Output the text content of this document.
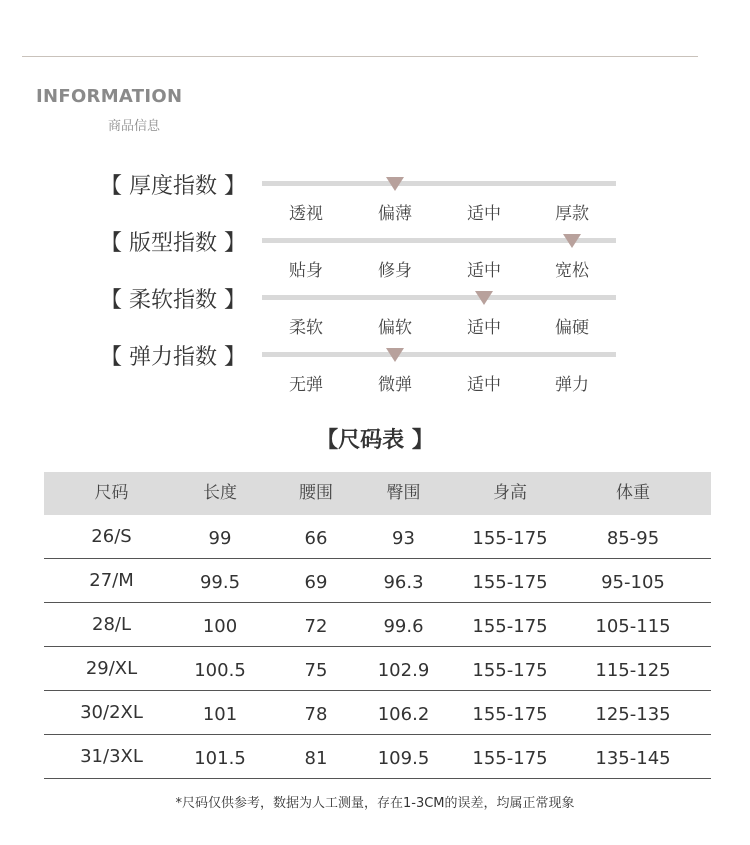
INFORMATION
商品信息
【 厚度指数 】
透视	偏薄	适中	厚款
【 版型指数 】
贴身	修身	适中	宽松
【 柔软指数 】
柔软	偏软	适中	偏硬
【 弹力指数 】
无弹	微弹	适中	弹力
【尺码表 】
尺码	长度	腰围	臀围	身高	体重
26/S	99	66	93	155-175	85-95
27/M	99.5	69	96.3	155-175	95-105
28/L	100	72	99.6	155-175	105-115
29/XL	100.5	75	102.9	155-175	115-125
30/2XL	101	78	106.2	155-175	125-135
31/3XL	101.5	81	109.5	155-175	135-145
*尺码仅供参考，数据为人工测量，存在1-3CM的误差，均属正常现象
